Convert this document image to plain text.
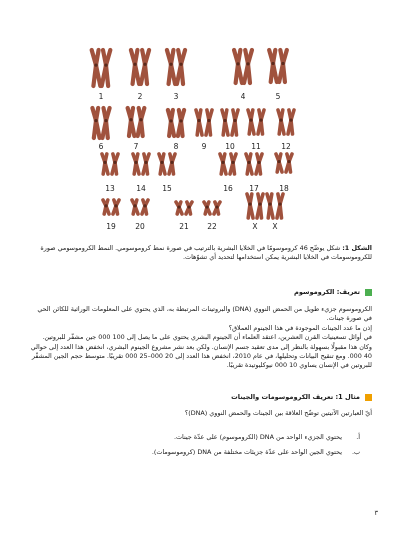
1	2	3	4	5
6	7	8	9	10	11	12
13	14	15	16	17	18
19	20	21	22	X	X
الشكل 1: شكل يوضّح 46 كروموسومًا في الخلايا البشرية بالترتيب في صورة نمط كروموسومي. النمط الكروموسومي صورة للكروموسومات في الخلايا البشرية يمكن استخدامها لتحديد أي تشوّهات.
تعريف: الكروموسوم
الكروموسوم جزيء طويل من الحمض النووي (DNA) والبروتينات المرتبطة به، الذي يحتوي على المعلومات الوراثية للكائن الحي في صورة جينات.
إذن ما عدد الجينات الموجودة في هذا الجينوم العملاق؟
في أوائل تسعينيات القرن العشرين، اعتقد العلماء أن الجينوم البشري يحتوي على ما يصل إلى 100 000 جين مشفّر للبروتين. وكان هذا مقبولًا بسهولة بالنظر إلى مدى تعقيد جسم الإنسان. ولكن بعد نشر مشروع الجينوم البشري، انخفض هذا العدد إلى حوالي 40 000. ومع تنقيح البيانات وتحليلها، في عام 2010، انخفض هذا العدد إلى 20 000–25 000 تقريبًا. متوسط حجم الجين المشفّر للبروتين في الإنسان يساوي 10 000 نيوكليوتيدة تقريبًا.
مثال 1: تعريف الكروموسومات والجينات
أيّ العبارتين الآتيتين توضّح العلاقة بين الجينات والحمض النووي (DNA)؟
أ.
يحتوي الجزيء الواحد من DNA (الكروموسوم) على عدّة جينات.
ب.
يحتوي الجين الواحد على عدّة جزيئات مختلفة من DNA (كروموسومات).
٣
